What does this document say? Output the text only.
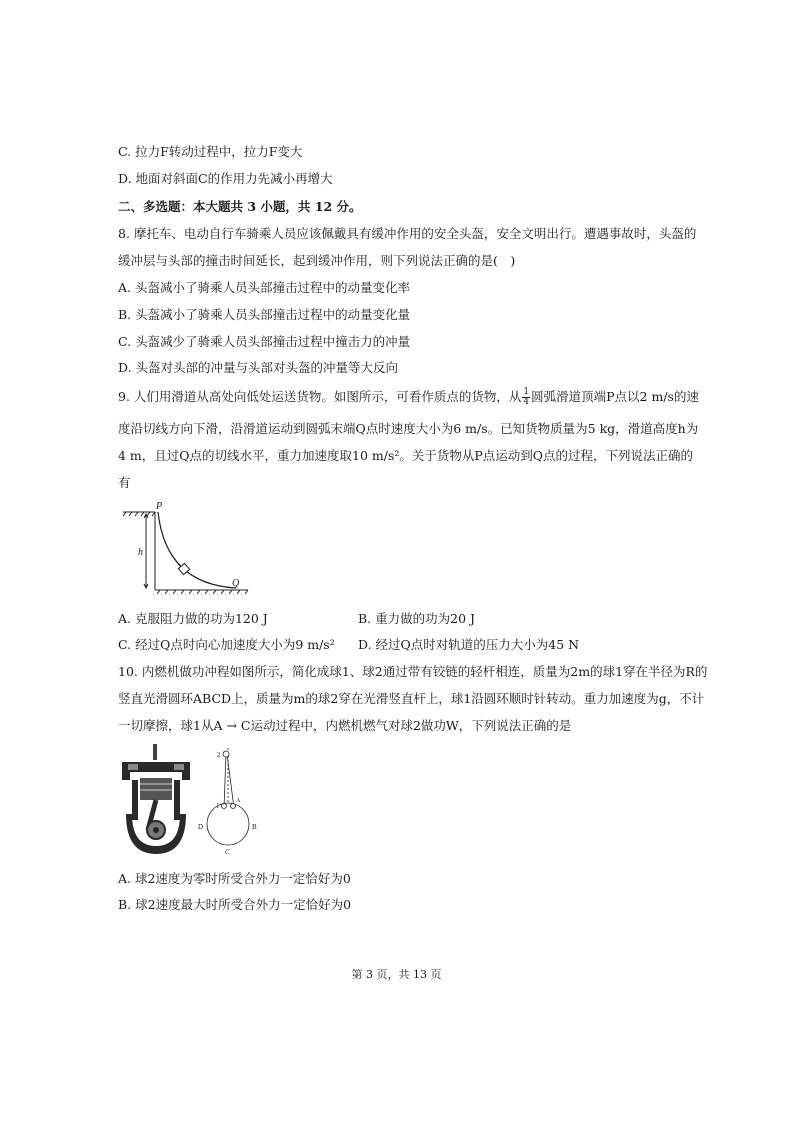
C. 拉力F转动过程中，拉力F变大
D. 地面对斜面C的作用力先减小再增大
二、多选题：本大题共 3 小题，共 12 分。
8. 摩托车、电动自行车骑乘人员应该佩戴具有缓冲作用的安全头盔，安全文明出行。遭遇事故时，头盔的
缓冲层与头部的撞击时间延长，起到缓冲作用，则下列说法正确的是(　)
A. 头盔减小了骑乘人员头部撞击过程中的动量变化率
B. 头盔减小了骑乘人员头部撞击过程中的动量变化量
C. 头盔减少了骑乘人员头部撞击过程中撞击力的冲量
D. 头盔对头部的冲量与头部对头盔的冲量等大反向
9. 人们用滑道从高处向低处运送货物。如图所示，可看作质点的货物，从 $\frac{1}{4}$ 圆弧滑道顶端P点以2 m/s的速
度沿切线方向下滑，沿滑道运动到圆弧末端Q点时速度大小为6 m/s。已知货物质量为5 kg，滑道高度h为
4 m，且过Q点的切线水平，重力加速度取10 m/s²。关于货物从P点运动到Q点的过程，下列说法正确的
有
P
h
Q
A. 克服阻力做的功为120 J	B. 重力做的功为20 J
C. 经过Q点时向心加速度大小为9 m/s² D. 经过Q点时对轨道的压力大小为45 N
10. 内燃机做功冲程如图所示，简化成球1、球2通过带有铰链的轻杆相连，质量为2m的球1穿在半径为R的
竖直光滑圆环ABCD上，质量为m的球2穿在光滑竖直杆上，球1沿圆环顺时针转动。重力加速度为g，不计
一切摩擦，球1从A → C运动过程中，内燃机燃气对球2做功W，下列说法正确的是
2
1
A
B
C
D
A. 球2速度为零时所受合外力一定恰好为0
B. 球2速度最大时所受合外力一定恰好为0
第 3 页，共 13 页
